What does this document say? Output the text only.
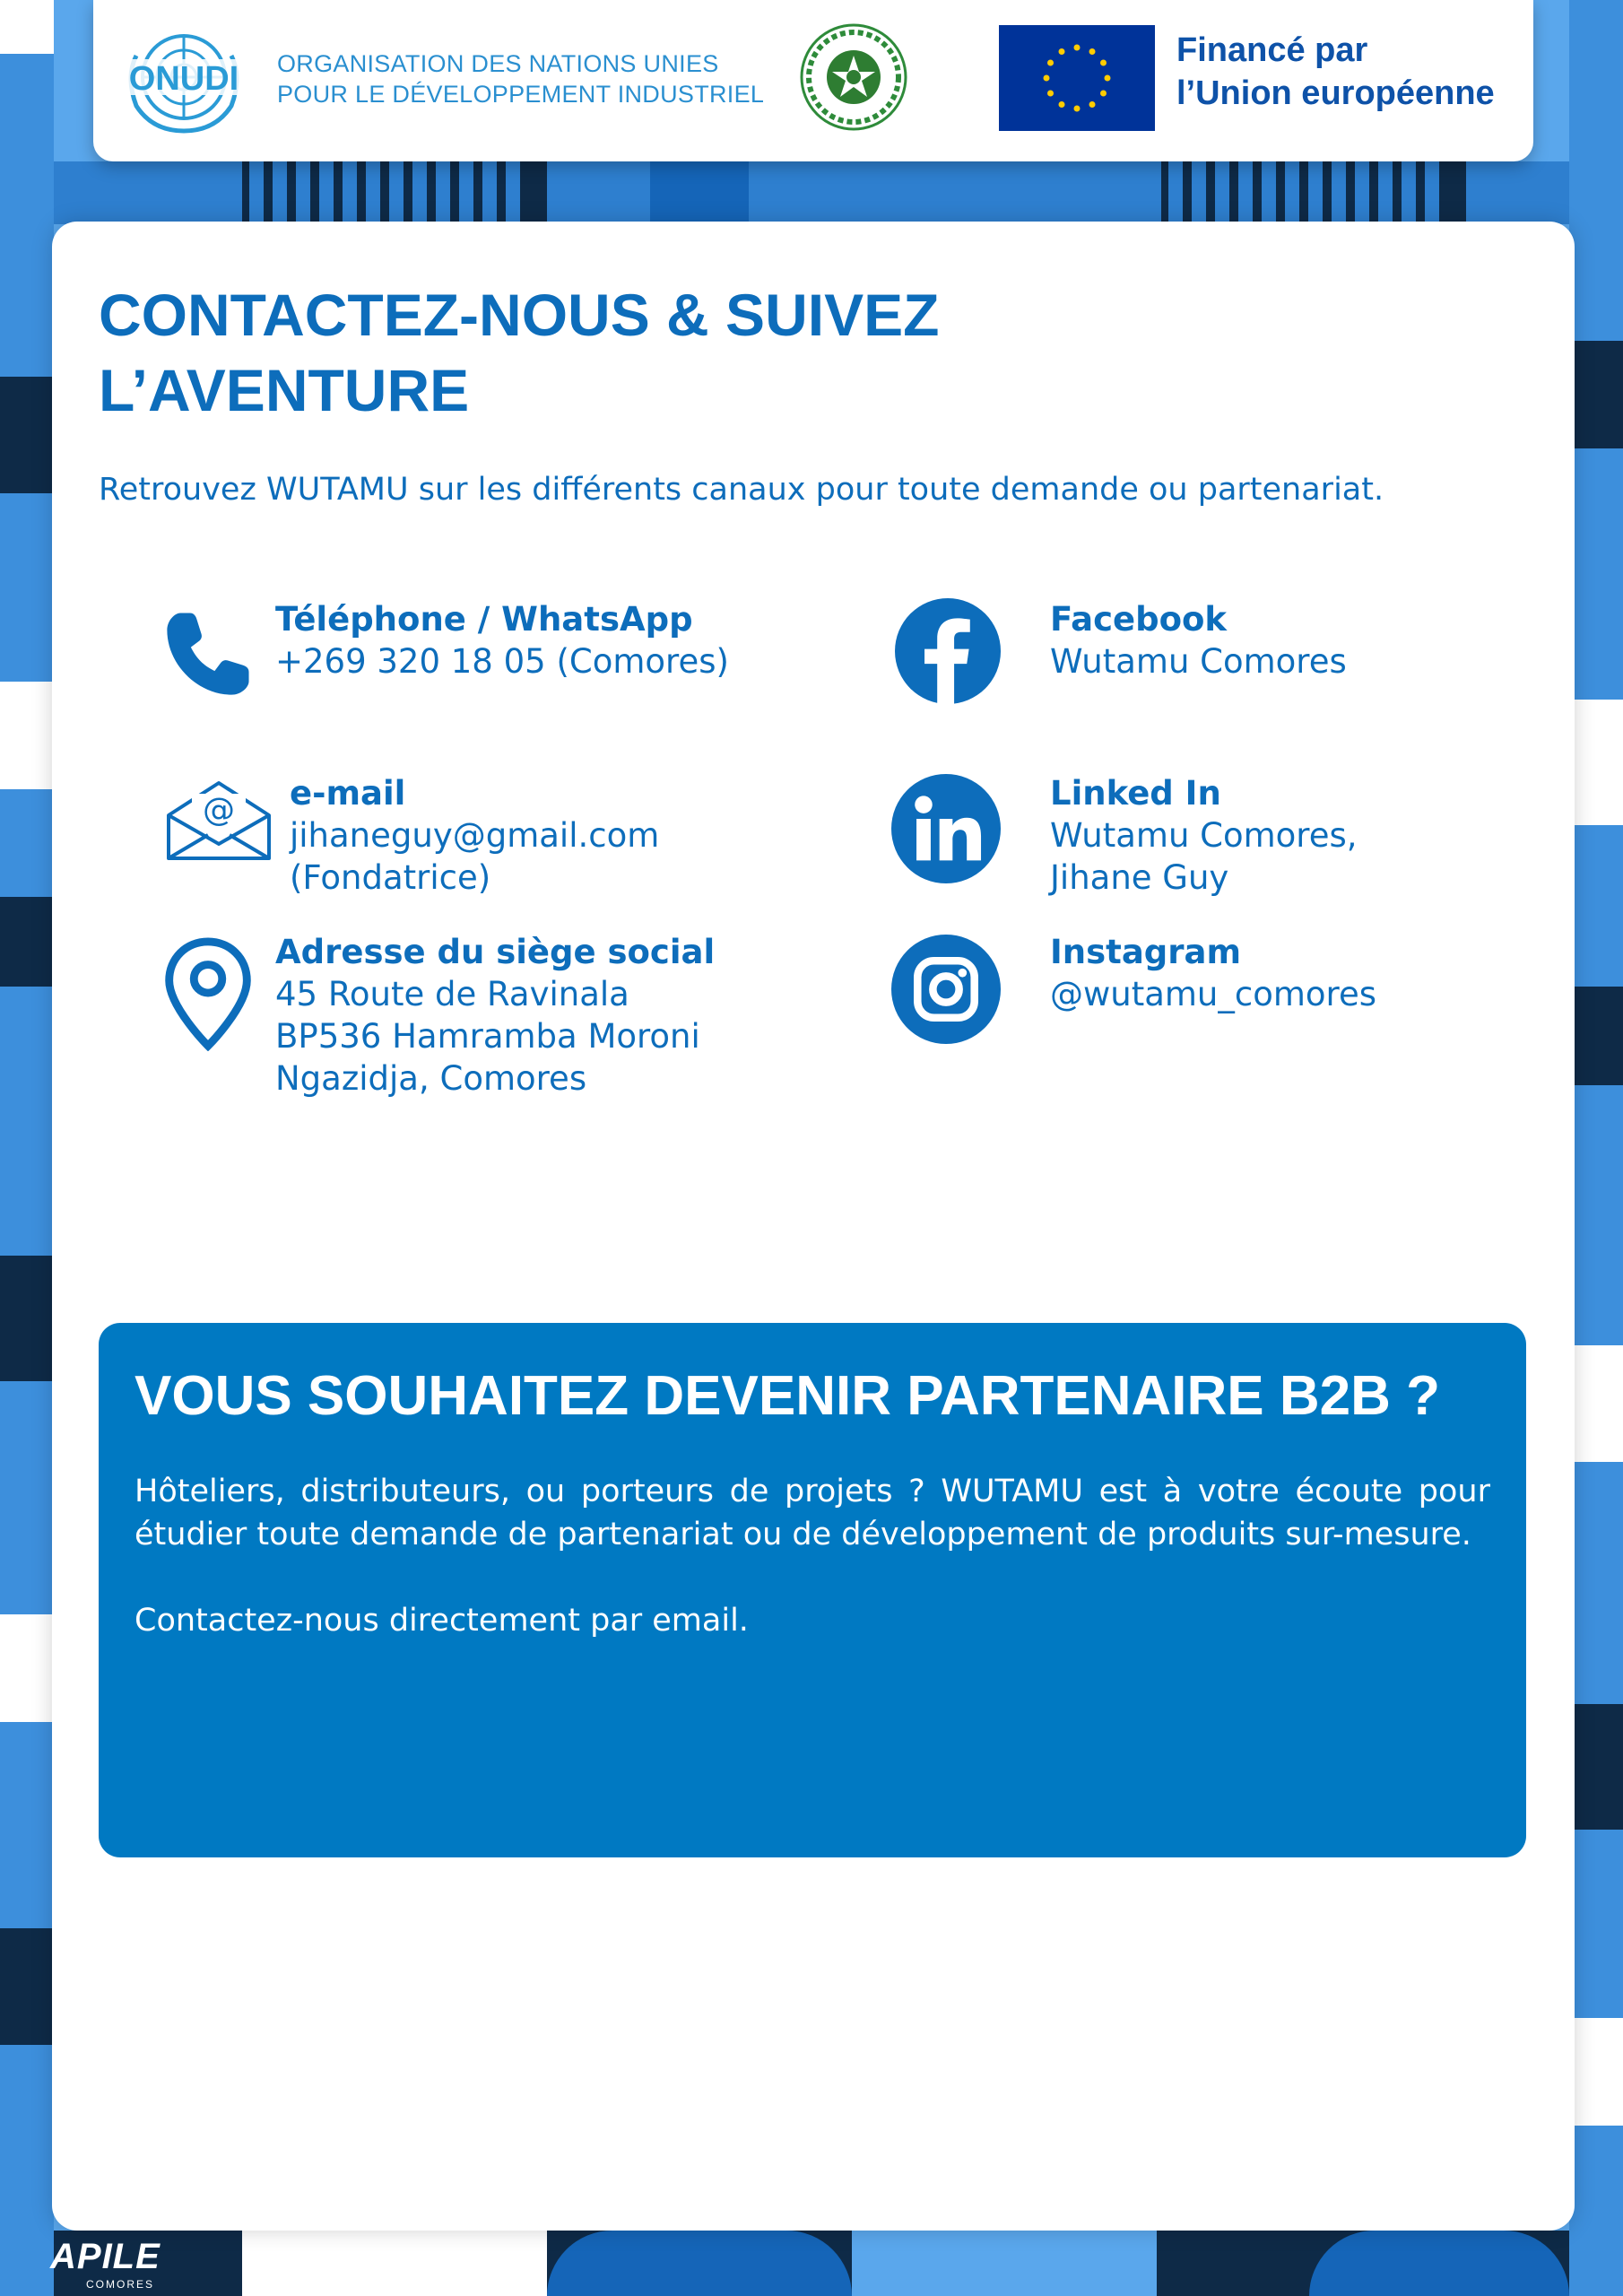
ONUDI ORGANISATION DES NATIONS UNIES
POUR LE DÉVELOPPEMENT INDUSTRIEL
Financé par
l’Union européenne
CONTACTEZ-NOUS & SUIVEZ
L’AVENTURE

Retrouvez WUTAMU sur les différents canaux pour toute demande ou partenariat.

Téléphone / WhatsApp
+269 320 18 05 (Comores)
@ e-mail
jihaneguy@gmail.com
(Fondatrice)
Adresse du siège social
45 Route de Ravinala
BP536 Hamramba Moroni
Ngazidja, Comores
Facebook
Wutamu Comores
Linked In
Wutamu Comores,
Jihane Guy
Instagram
@wutamu_comores
VOUS SOUHAITEZ DEVENIR PARTENAIRE B2B ?

Hôteliers, distributeurs, ou porteurs de projets ? WUTAMU est à votre écoute pour étudier toute demande de partenariat ou de développement de produits sur-mesure.

Contactez-nous directement par email.

APILE
COMORES
